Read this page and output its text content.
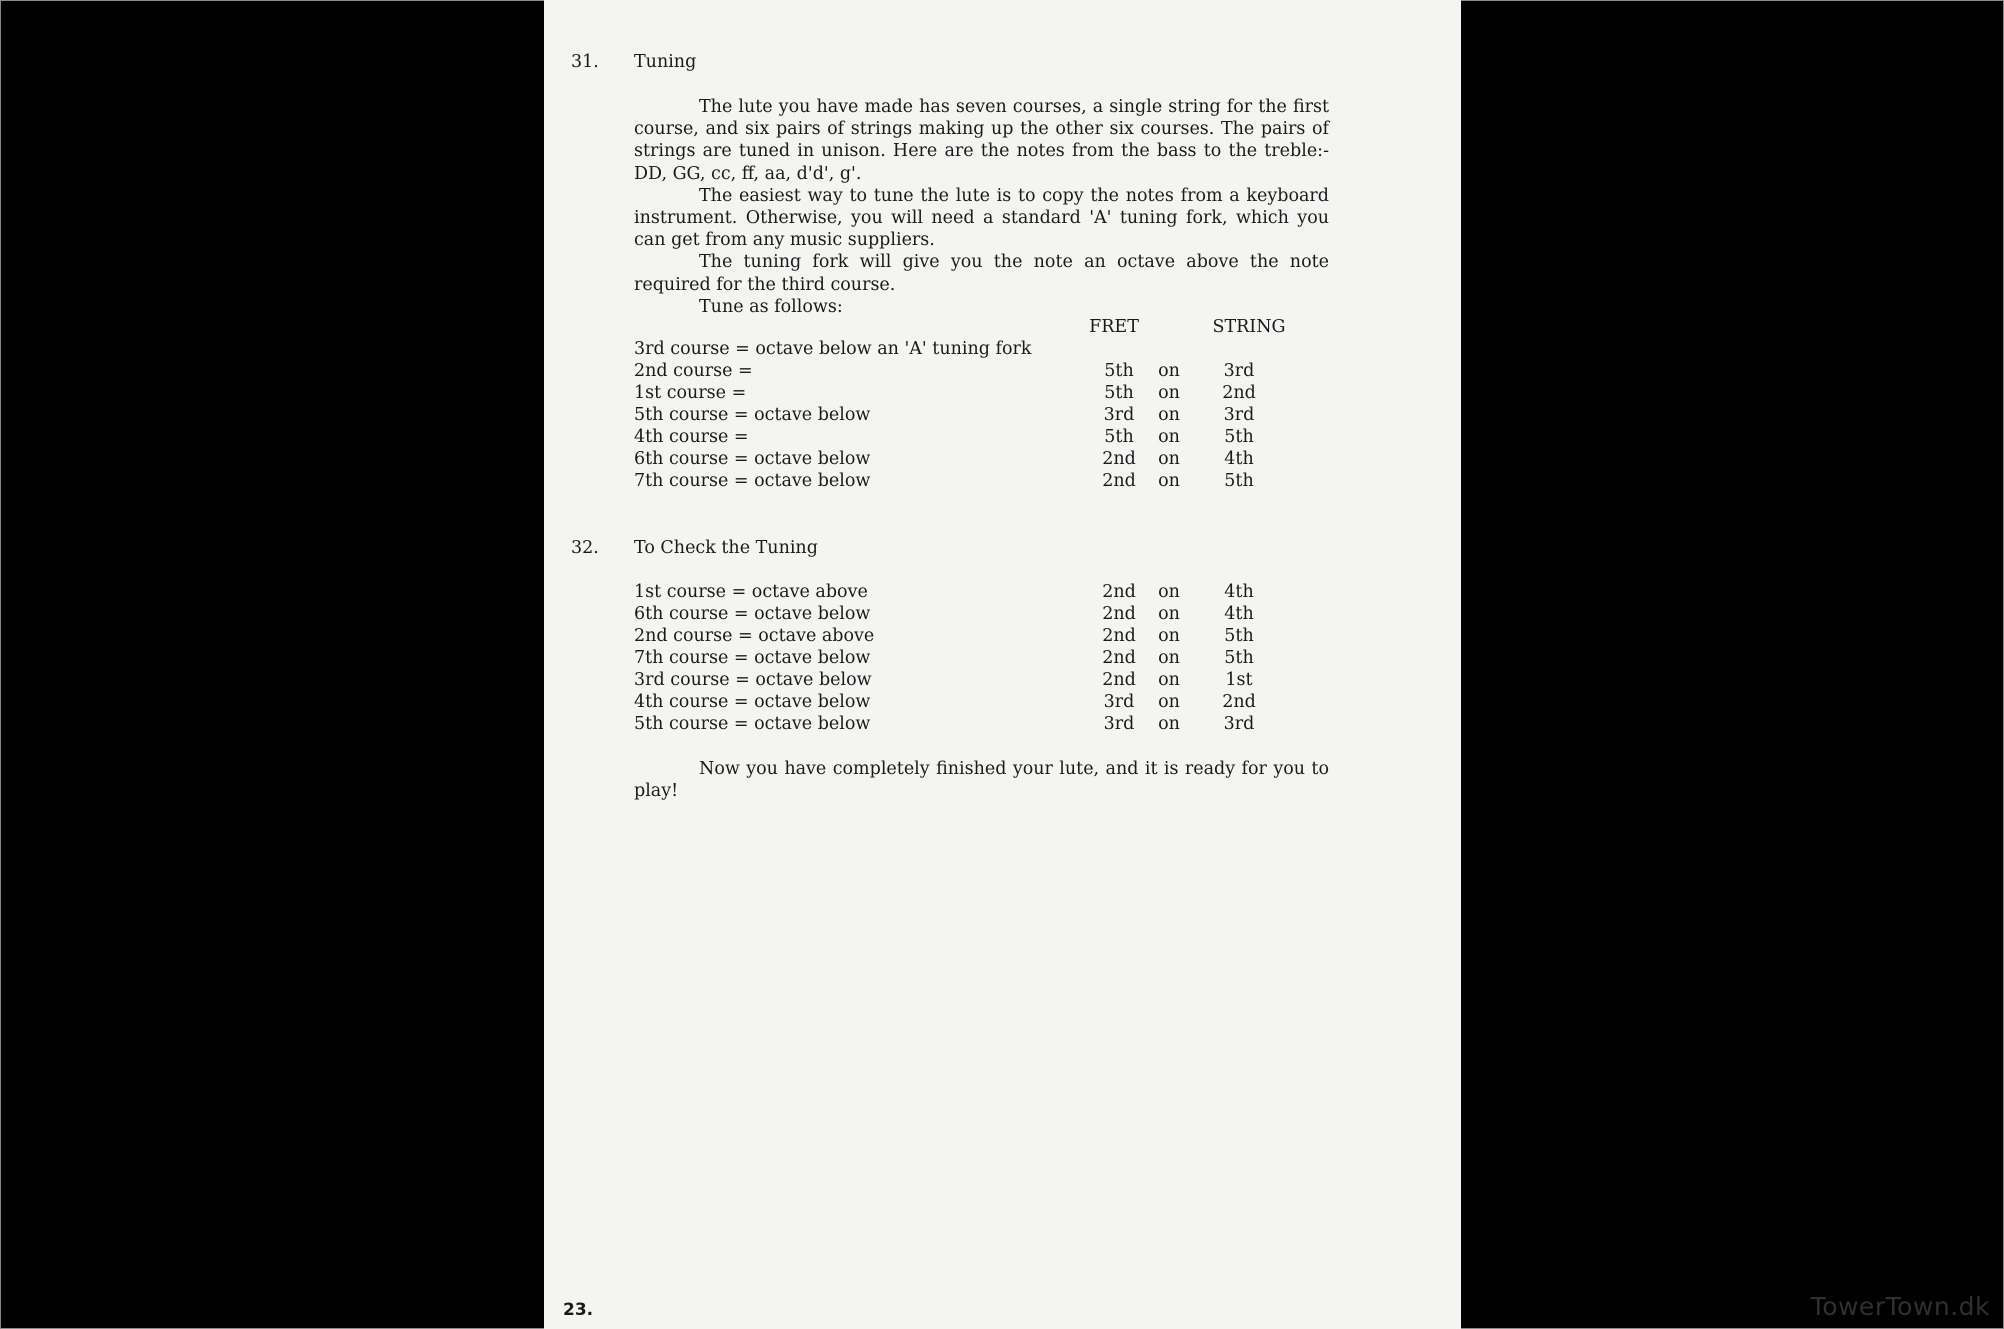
31. Tuning

The lute you have made has seven courses, a single string for the first course, and six pairs of strings making up the other six courses. The pairs of strings are tuned in unison. Here are the notes from the bass to the treble:- DD, GG, cc, ff, aa, d'd', g'.

The easiest way to tune the lute is to copy the notes from a keyboard instrument. Otherwise, you will need a standard 'A' tuning fork, which you can get from any music suppliers.

The tuning fork will give you the note an octave above the note required for the third course.

Tune as follows:

FRET	STRING
3rd course = octave below an 'A' tuning fork
2nd course =	5th	on	3rd
1st course =	5th	on	2nd
5th course = octave below	3rd	on	3rd
4th course =	5th	on	5th
6th course = octave below	2nd	on	4th
7th course = octave below	2nd	on	5th
32. To Check the Tuning
1st course = octave above	2nd	on	4th
6th course = octave below	2nd	on	4th
2nd course = octave above	2nd	on	5th
7th course = octave below	2nd	on	5th
3rd course = octave below	2nd	on	1st
4th course = octave below	3rd	on	2nd
5th course = octave below	3rd	on	3rd

Now you have completely finished your lute, and it is ready for you to play!

23.	TowerTown.dk
